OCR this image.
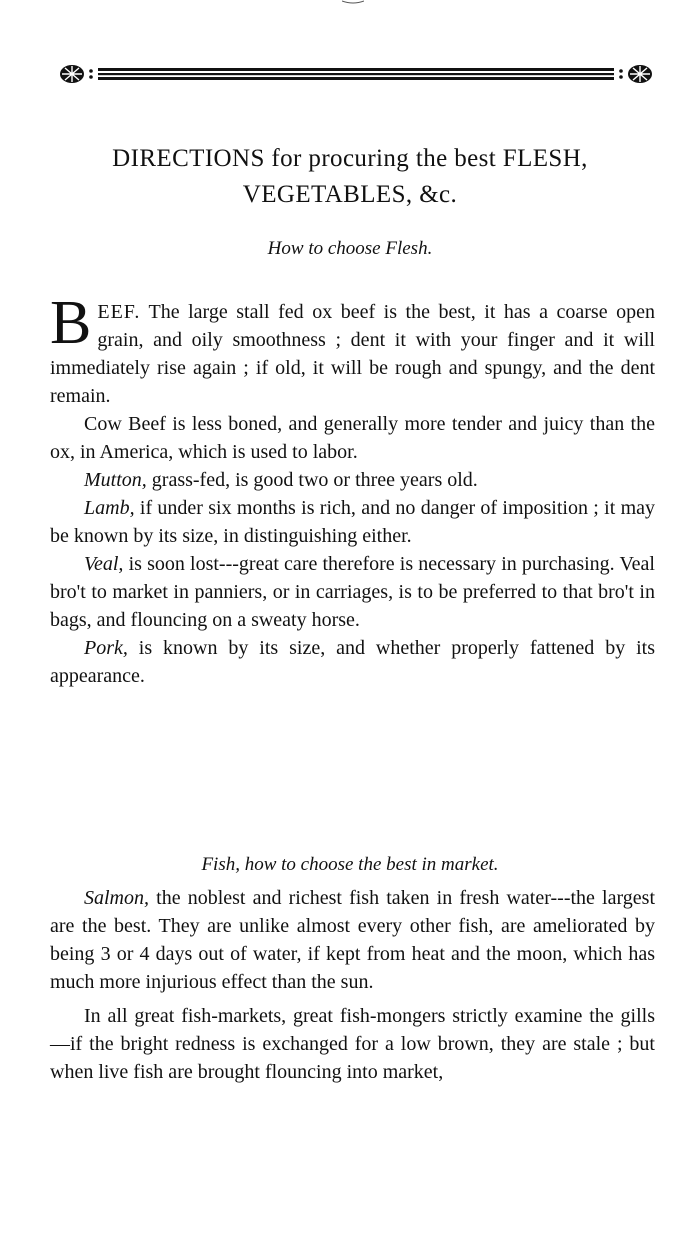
DIRECTIONS for procuring the best FLESH,
VEGETABLES, &c.
How to choose Flesh.

BEEF. The large stall fed ox beef is the best, it has a coarse open grain, and oily smoothness ; dent it with your finger and it will immediately rise again ; if old, it will be rough and spungy, and the dent remain.

Cow Beef is less boned, and generally more tender and juicy than the ox, in America, which is used to labor.

Mutton, grass-fed, is good two or three years old.

Lamb, if under six months is rich, and no danger of imposition ; it may be known by its size, in distinguishing either.

Veal, is soon lost---great care therefore is necessary in purchasing. Veal bro't to market in panniers, or in carriages, is to be preferred to that bro't in bags, and flouncing on a sweaty horse.

Pork, is known by its size, and whether properly fattened by its appearance.

Fish, how to choose the best in market.

Salmon, the noblest and richest fish taken in fresh water---the largest are the best. They are unlike almost every other fish, are ameliorated by being 3 or 4 days out of water, if kept from heat and the moon, which has much more injurious effect than the sun.

In all great fish-markets, great fish-mongers strictly examine the gills—if the bright redness is exchanged for a low brown, they are stale ; but when live fish are brought flouncing into market,
